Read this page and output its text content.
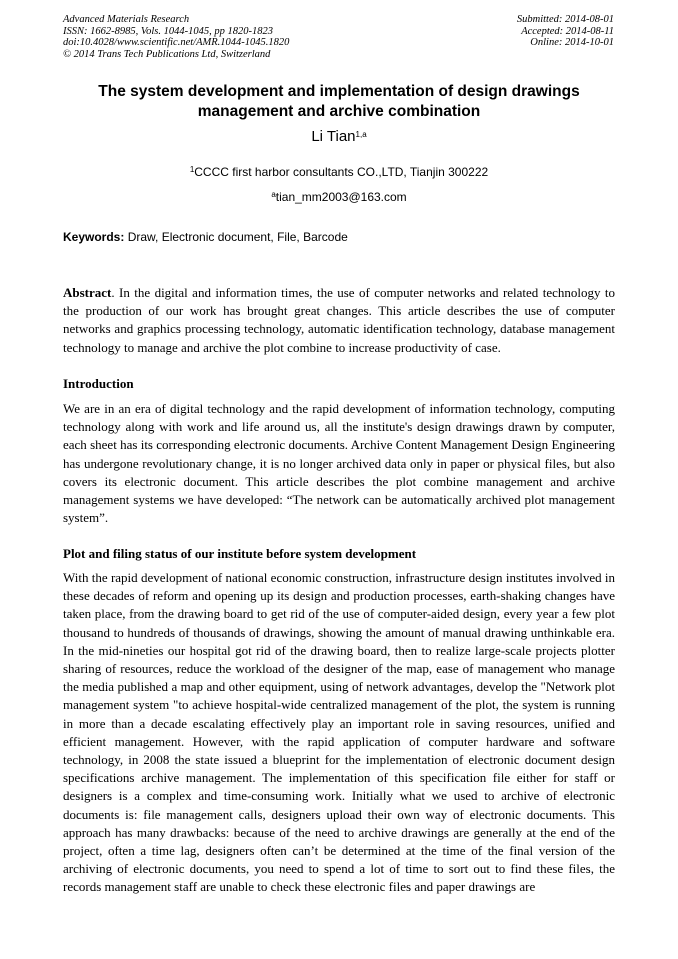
Advanced Materials Research
ISSN: 1662-8985, Vols. 1044-1045, pp 1820-1823
doi:10.4028/www.scientific.net/AMR.1044-1045.1820
© 2014 Trans Tech Publications Ltd, Switzerland
Submitted: 2014-08-01
Accepted: 2014-08-11
Online: 2014-10-01
The system development and implementation of design drawings management and archive combination
Li Tian$^{1,a}$
$^1$CCCC first harbor consultants CO.,LTD, Tianjin 300222
$^a$tian_mm2003@163.com
Keywords: Draw, Electronic document, File, Barcode
Abstract. In the digital and information times, the use of computer networks and related technology to the production of our work has brought great changes. This article describes the use of computer networks and graphics processing technology, automatic identification technology, database management technology to manage and archive the plot combine to increase productivity of case.
Introduction
We are in an era of digital technology and the rapid development of information technology, computing technology along with work and life around us, all the institute's design drawings drawn by computer, each sheet has its corresponding electronic documents. Archive Content Management Design Engineering has undergone revolutionary change, it is no longer archived data only in paper or physical files, but also covers its electronic document. This article describes the plot combine management and archive management systems we have developed: “The network can be automatically archived plot management system”.
Plot and filing status of our institute before system development
With the rapid development of national economic construction, infrastructure design institutes involved in these decades of reform and opening up its design and production processes, earth-shaking changes have taken place, from the drawing board to get rid of the use of computer-aided design, every year a few plot thousand to hundreds of thousands of drawings, showing the amount of manual drawing unthinkable era. In the mid-nineties our hospital got rid of the drawing board, then to realize large-scale projects plotter sharing of resources, reduce the workload of the designer of the map, ease of management who manage the media published a map and other equipment, using of network advantages, develop the "Network plot management system "to achieve hospital-wide centralized management of the plot, the system is running in more than a decade escalating effectively play an important role in saving resources, unified and efficient management. However, with the rapid application of computer hardware and software technology, in 2008 the state issued a blueprint for the implementation of electronic document design specifications archive management. The implementation of this specification file either for staff or designers is a complex and time-consuming work. Initially what we used to archive of electronic documents is: file management calls, designers upload their own way of electronic documents. This approach has many drawbacks: because of the need to archive drawings are generally at the end of the project, often a time lag, designers often can’t be determined at the time of the final version of the archiving of electronic documents, you need to spend a lot of time to sort out to find these files, the records management staff are unable to check these electronic files and paper drawings are
